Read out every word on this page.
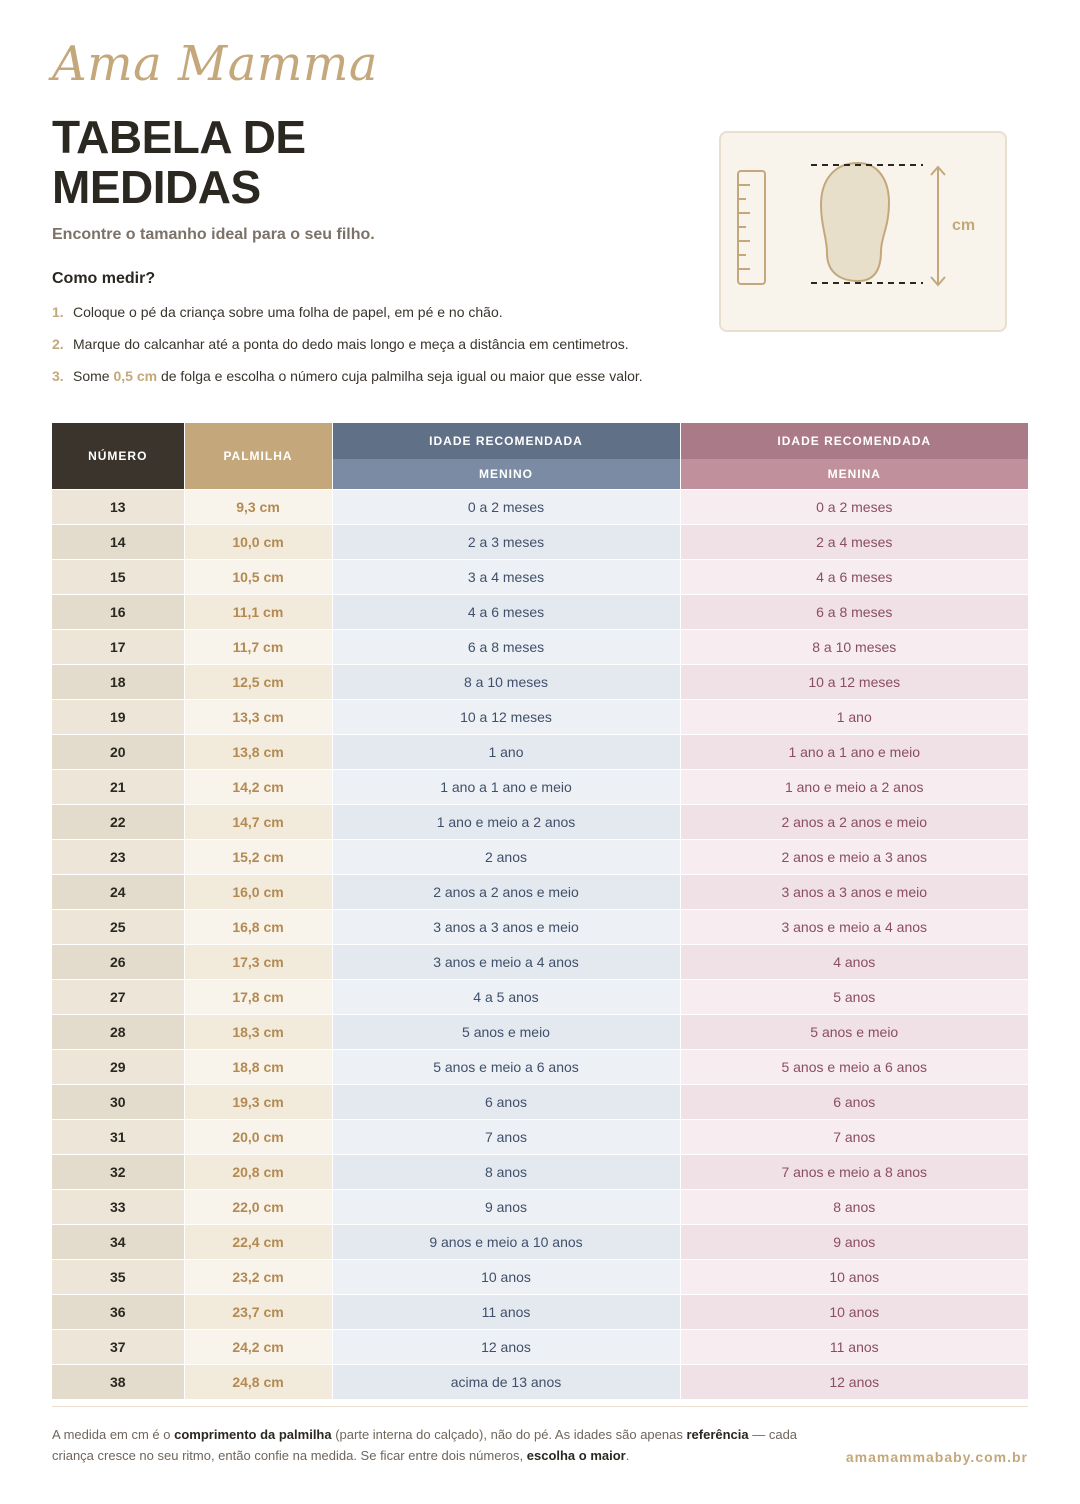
Ama Mamma
TABELA DE
MEDIDAS
Encontre o tamanho ideal para o seu filho.
Como medir?
1. Coloque o pé da criança sobre uma folha de papel, em pé e no chão.
2. Marque do calcanhar até a ponta do dedo mais longo e meça a distância em centimetros.
3. Some 0,5 cm de folga e escolha o número cuja palmilha seja igual ou maior que esse valor.
cm
NÚMERO	PALMILHA	IDADE RECOMENDADA	IDADE RECOMENDADA
		MENINO	MENINA
13	9,3 cm	0 a 2 meses	0 a 2 meses
14	10,0 cm	2 a 3 meses	2 a 4 meses
15	10,5 cm	3 a 4 meses	4 a 6 meses
16	11,1 cm	4 a 6 meses	6 a 8 meses
17	11,7 cm	6 a 8 meses	8 a 10 meses
18	12,5 cm	8 a 10 meses	10 a 12 meses
19	13,3 cm	10 a 12 meses	1 ano
20	13,8 cm	1 ano	1 ano a 1 ano e meio
21	14,2 cm	1 ano a 1 ano e meio	1 ano e meio a 2 anos
22	14,7 cm	1 ano e meio a 2 anos	2 anos a 2 anos e meio
23	15,2 cm	2 anos	2 anos e meio a 3 anos
24	16,0 cm	2 anos a 2 anos e meio	3 anos a 3 anos e meio
25	16,8 cm	3 anos a 3 anos e meio	3 anos e meio a 4 anos
26	17,3 cm	3 anos e meio a 4 anos	4 anos
27	17,8 cm	4 a 5 anos	5 anos
28	18,3 cm	5 anos e meio	5 anos e meio
29	18,8 cm	5 anos e meio a 6 anos	5 anos e meio a 6 anos
30	19,3 cm	6 anos	6 anos
31	20,0 cm	7 anos	7 anos
32	20,8 cm	8 anos	7 anos e meio a 8 anos
33	22,0 cm	9 anos	8 anos
34	22,4 cm	9 anos e meio a 10 anos	9 anos
35	23,2 cm	10 anos	10 anos
36	23,7 cm	11 anos	10 anos
37	24,2 cm	12 anos	11 anos
38	24,8 cm	acima de 13 anos	12 anos
A medida em cm é o comprimento da palmilha (parte interna do calçado), não do pé. As idades são apenas referência — cada criança cresce no seu ritmo, então confie na medida. Se ficar entre dois números, escolha o maior.	amamammababy.com.br
